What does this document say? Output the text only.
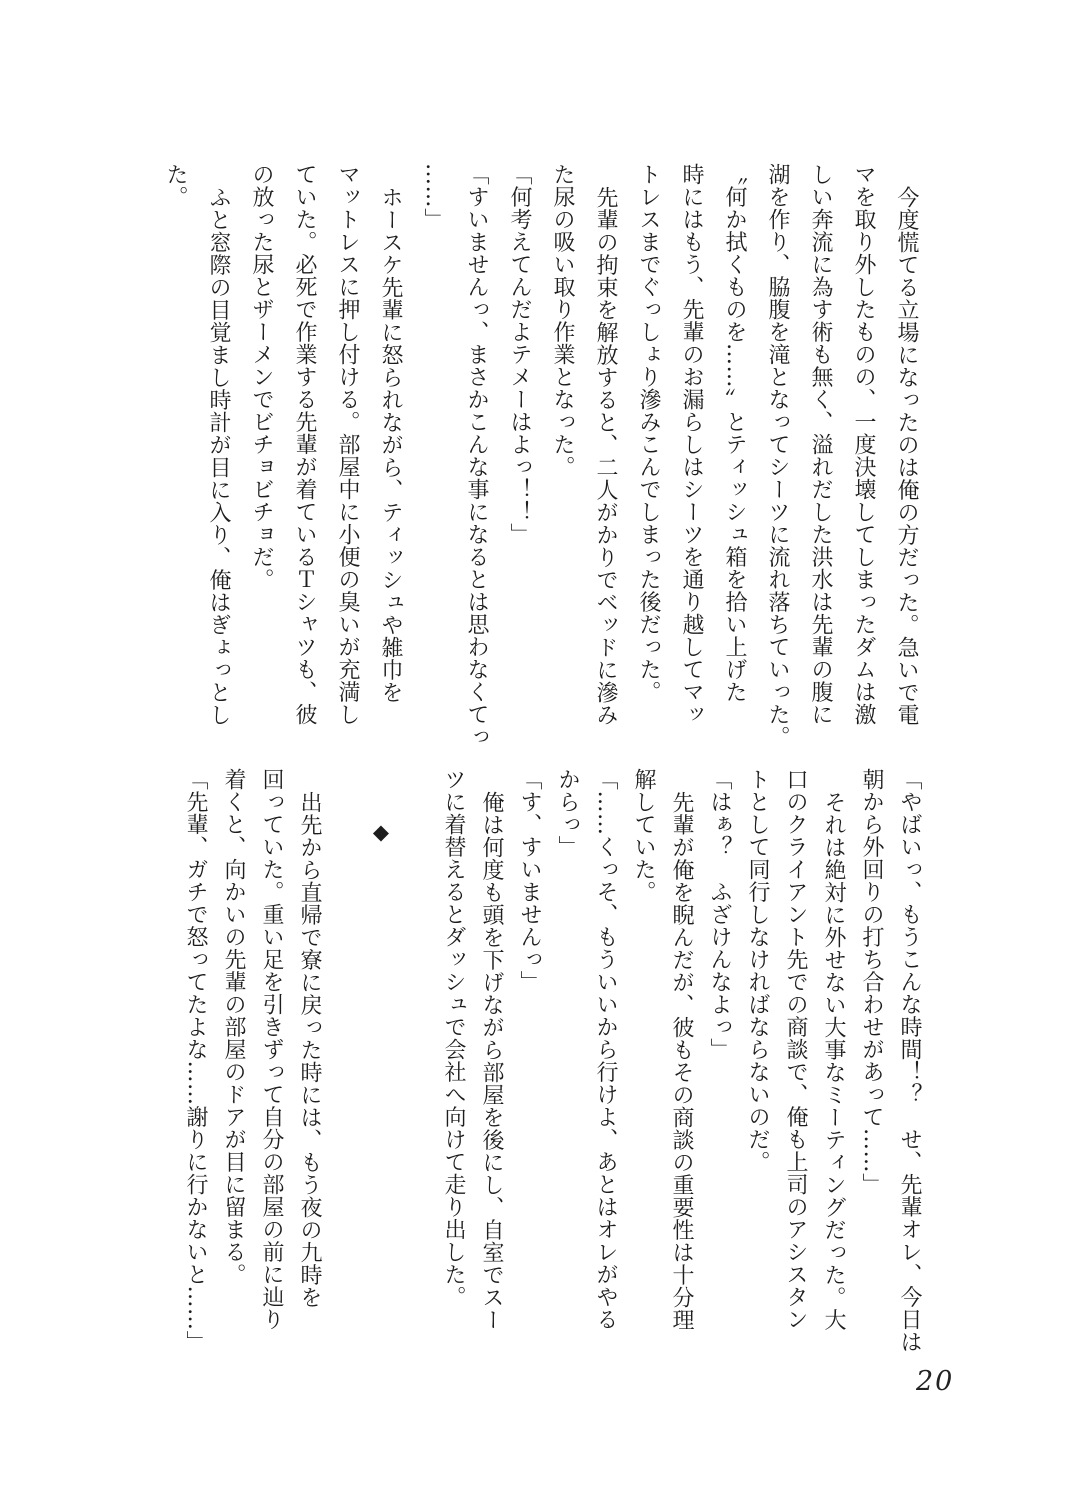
今度慌てる立場になったのは俺の方だった。急いで電
マを取り外したものの、一度決壊してしまったダムは激
しい奔流に為す術も無く、溢れだした洪水は先輩の腹に
湖を作り、脇腹を滝となってシーツに流れ落ちていった。
〝何か拭くものを……〟とティッシュ箱を拾い上げた
時にはもう、先輩のお漏らしはシーツを通り越してマッ
トレスまでぐっしょり滲みこんでしまった後だった。
先輩の拘束を解放すると、二人がかりでベッドに滲み
た尿の吸い取り作業となった。
「何考えてんだよテメーはよっ！！」
「すいませんっ、まさかこんな事になるとは思わなくてっ
……」
ホースケ先輩に怒られながら、ティッシュや雑巾を
マットレスに押し付ける。部屋中に小便の臭いが充満し
ていた。必死で作業する先輩が着ているＴシャツも、彼
の放った尿とザーメンでビチョビチョだ。
ふと窓際の目覚まし時計が目に入り、俺はぎょっとし
た。
「やばいっ、もうこんな時間！？　せ、先輩オレ、今日は
朝から外回りの打ち合わせがあって……」
それは絶対に外せない大事なミーティングだった。大
口のクライアント先での商談で、俺も上司のアシスタン
トとして同行しなければならないのだ。
「はぁ？　ふざけんなよっ」
先輩が俺を睨んだが、彼もその商談の重要性は十分理
解していた。
「……くっそ、もういいから行けよ、あとはオレがやる
からっ」
「す、すいませんっ」
俺は何度も頭を下げながら部屋を後にし、自室でスー
ツに着替えるとダッシュで会社へ向けて走り出した。
◆
出先から直帰で寮に戻った時には、もう夜の九時を
回っていた。重い足を引きずって自分の部屋の前に辿り
着くと、向かいの先輩の部屋のドアが目に留まる。
「先輩、ガチで怒ってたよな……謝りに行かないと……」
20
